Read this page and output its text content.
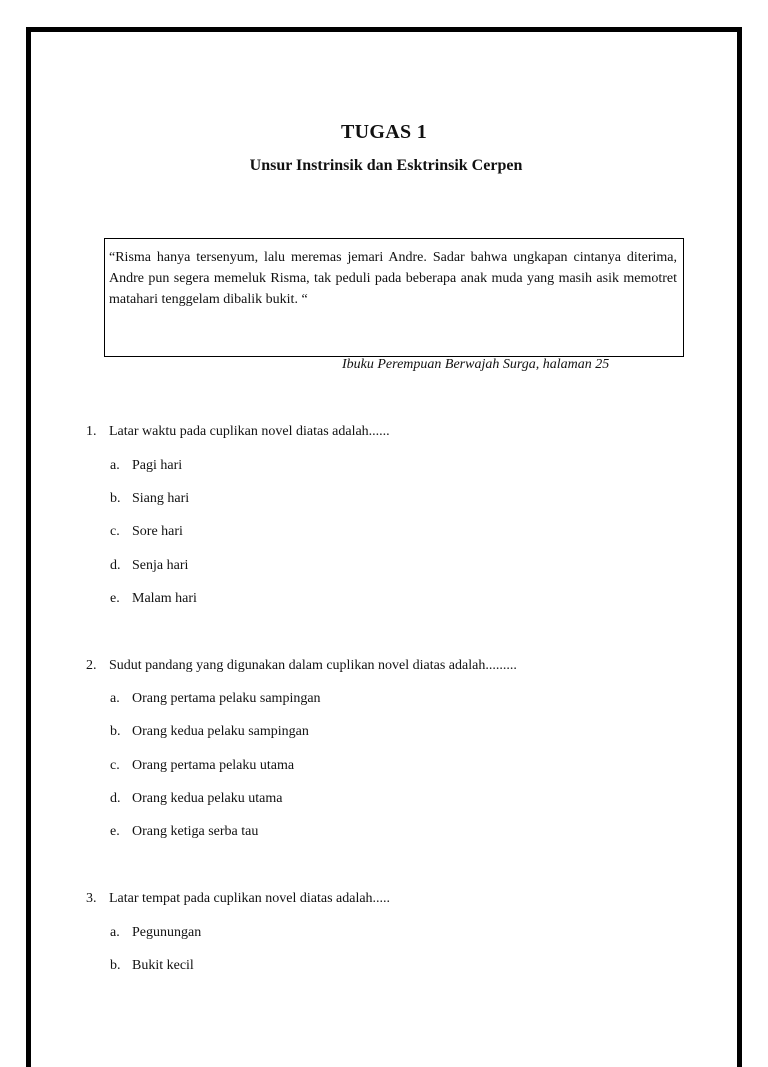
TUGAS 1
Unsur Instrinsik dan Esktrinsik Cerpen
“Risma hanya tersenyum, lalu meremas jemari Andre. Sadar bahwa ungkapan cintanya diterima, Andre pun segera memeluk Risma, tak peduli pada beberapa anak muda yang masih asik memotret matahari tenggelam dibalik bukit. “
Ibuku Perempuan Berwajah Surga, halaman 25
1. Latar waktu pada cuplikan novel diatas adalah......
a. Pagi hari
b. Siang hari
c. Sore hari
d. Senja hari
e. Malam hari
2. Sudut pandang yang digunakan dalam cuplikan novel diatas adalah.........
a. Orang pertama pelaku sampingan
b. Orang kedua pelaku sampingan
c. Orang pertama pelaku utama
d. Orang kedua pelaku utama
e. Orang ketiga serba tau
3. Latar tempat pada cuplikan novel diatas adalah.....
a. Pegunungan
b. Bukit kecil
